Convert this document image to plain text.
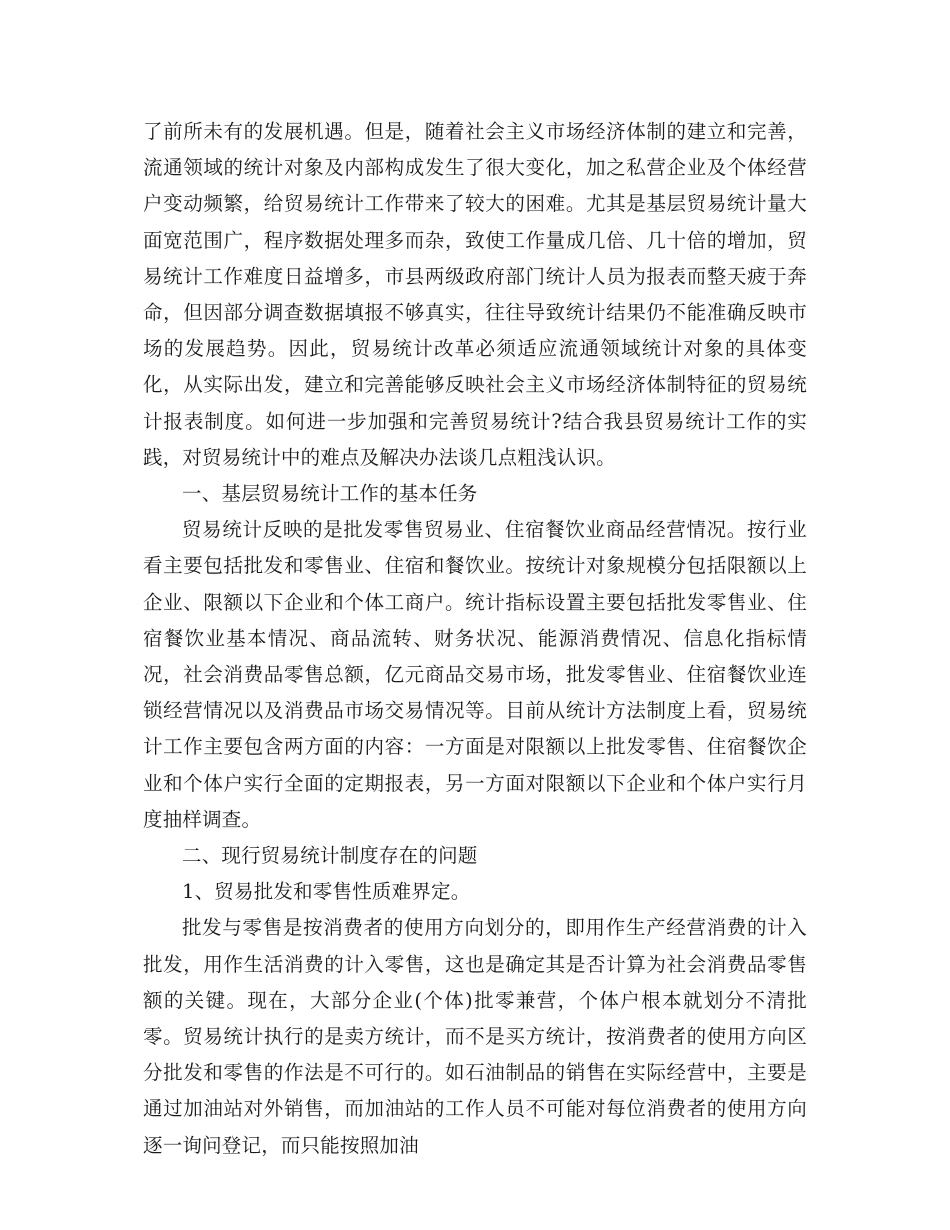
了前所未有的发展机遇。但是，随着社会主义市场经济体制的建立和完善，流通领域的统计对象及内部构成发生了很大变化，加之私营企业及个体经营户变动频繁，给贸易统计工作带来了较大的困难。尤其是基层贸易统计量大面宽范围广，程序数据处理多而杂，致使工作量成几倍、几十倍的增加，贸易统计工作难度日益增多，市县两级政府部门统计人员为报表而整天疲于奔命，但因部分调查数据填报不够真实，往往导致统计结果仍不能准确反映市场的发展趋势。因此，贸易统计改革必须适应流通领域统计对象的具体变化，从实际出发，建立和完善能够反映社会主义市场经济体制特征的贸易统计报表制度。如何进一步加强和完善贸易统计?结合我县贸易统计工作的实践，对贸易统计中的难点及解决办法谈几点粗浅认识。

一、基层贸易统计工作的基本任务

贸易统计反映的是批发零售贸易业、住宿餐饮业商品经营情况。按行业看主要包括批发和零售业、住宿和餐饮业。按统计对象规模分包括限额以上企业、限额以下企业和个体工商户。统计指标设置主要包括批发零售业、住宿餐饮业基本情况、商品流转、财务状况、能源消费情况、信息化指标情况，社会消费品零售总额，亿元商品交易市场，批发零售业、住宿餐饮业连锁经营情况以及消费品市场交易情况等。目前从统计方法制度上看，贸易统计工作主要包含两方面的内容：一方面是对限额以上批发零售、住宿餐饮企业和个体户实行全面的定期报表，另一方面对限额以下企业和个体户实行月度抽样调查。

二、现行贸易统计制度存在的问题

1、贸易批发和零售性质难界定。

批发与零售是按消费者的使用方向划分的，即用作生产经营消费的计入批发，用作生活消费的计入零售，这也是确定其是否计算为社会消费品零售额的关键。现在，大部分企业(个体)批零兼营，个体户根本就划分不清批零。贸易统计执行的是卖方统计，而不是买方统计，按消费者的使用方向区分批发和零售的作法是不可行的。如石油制品的销售在实际经营中，主要是通过加油站对外销售，而加油站的工作人员不可能对每位消费者的使用方向逐一询问登记，而只能按照加油
